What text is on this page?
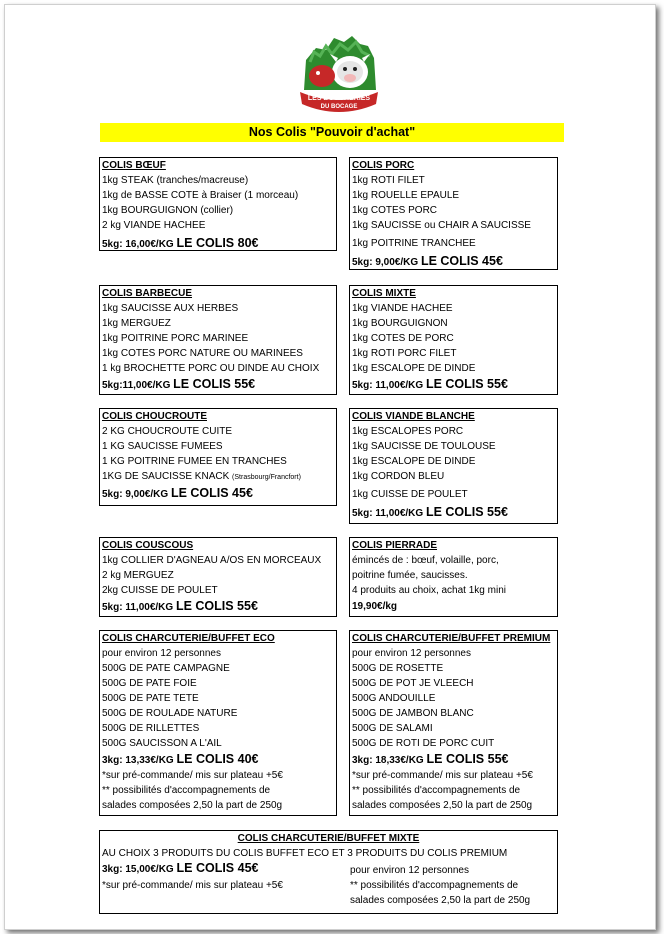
LES BOUCHERIES
DU BOCAGE
Nos Colis "Pouvoir d'achat"
COLIS BŒUF
1kg STEAK (tranches/macreuse)
1kg de BASSE COTE à Braiser (1 morceau)
1kg BOURGUIGNON (collier)
2 kg VIANDE HACHEE
5kg: 16,00€/KG LE COLIS 80€
COLIS PORC
1kg ROTI FILET
1kg ROUELLE EPAULE
1kg COTES PORC
1kg SAUCISSE ou CHAIR A SAUCISSE
1kg POITRINE TRANCHEE
5kg: 9,00€/KG LE COLIS 45€
COLIS BARBECUE
1kg SAUCISSE AUX HERBES
1kg MERGUEZ
1kg POITRINE PORC MARINEE
1kg COTES PORC NATURE OU MARINEES
1 kg BROCHETTE PORC OU DINDE AU CHOIX
5kg:11,00€/KG LE COLIS 55€
COLIS MIXTE
1kg VIANDE HACHEE
1kg BOURGUIGNON
1kg COTES DE PORC
1kg ROTI PORC FILET
1kg ESCALOPE DE DINDE
5kg: 11,00€/KG LE COLIS 55€
COLIS CHOUCROUTE
2 KG CHOUCROUTE CUITE
1 KG SAUCISSE FUMEES
1 KG POITRINE FUMEE EN TRANCHES
1KG DE SAUCISSE KNACK (Strasbourg/Francfort)
5kg: 9,00€/KG LE COLIS 45€
COLIS VIANDE BLANCHE
1kg ESCALOPES PORC
1kg SAUCISSE DE TOULOUSE
1kg ESCALOPE DE DINDE
1kg CORDON BLEU
1kg CUISSE DE POULET
5kg: 11,00€/KG LE COLIS 55€
COLIS COUSCOUS
1kg COLLIER D'AGNEAU A/OS EN MORCEAUX
2 kg MERGUEZ
2kg CUISSE DE POULET
5kg: 11,00€/KG LE COLIS 55€
COLIS PIERRADE
émincés de : bœuf, volaille, porc,
poitrine fumée, saucisses.
4 produits au choix, achat 1kg mini
19,90€/kg
COLIS CHARCUTERIE/BUFFET ECO
pour environ 12 personnes
500G DE PATE CAMPAGNE
500G DE PATE FOIE
500G DE PATE TETE
500G DE ROULADE NATURE
500G DE RILLETTES
500G SAUCISSON A L'AIL
3kg: 13,33€/KG LE COLIS 40€
*sur pré-commande/ mis sur plateau +5€
** possibilités d'accompagnements de
salades composées 2,50 la part de 250g
COLIS CHARCUTERIE/BUFFET PREMIUM
pour environ 12 personnes
500G DE ROSETTE
500G DE POT JE VLEECH
500G ANDOUILLE
500G DE JAMBON BLANC
500G DE SALAMI
500G DE ROTI DE PORC CUIT
3kg: 18,33€/KG LE COLIS 55€
*sur pré-commande/ mis sur plateau +5€
** possibilités d'accompagnements de
salades composées 2,50 la part de 250g
COLIS CHARCUTERIE/BUFFET MIXTE
AU CHOIX 3 PRODUITS DU COLIS BUFFET ECO ET 3 PRODUITS DU COLIS PREMIUM
3kg: 15,00€/KG LE COLIS 45€	pour environ 12 personnes
*sur pré-commande/ mis sur plateau +5€	** possibilités d'accompagnements de
salades composées 2,50 la part de 250g
